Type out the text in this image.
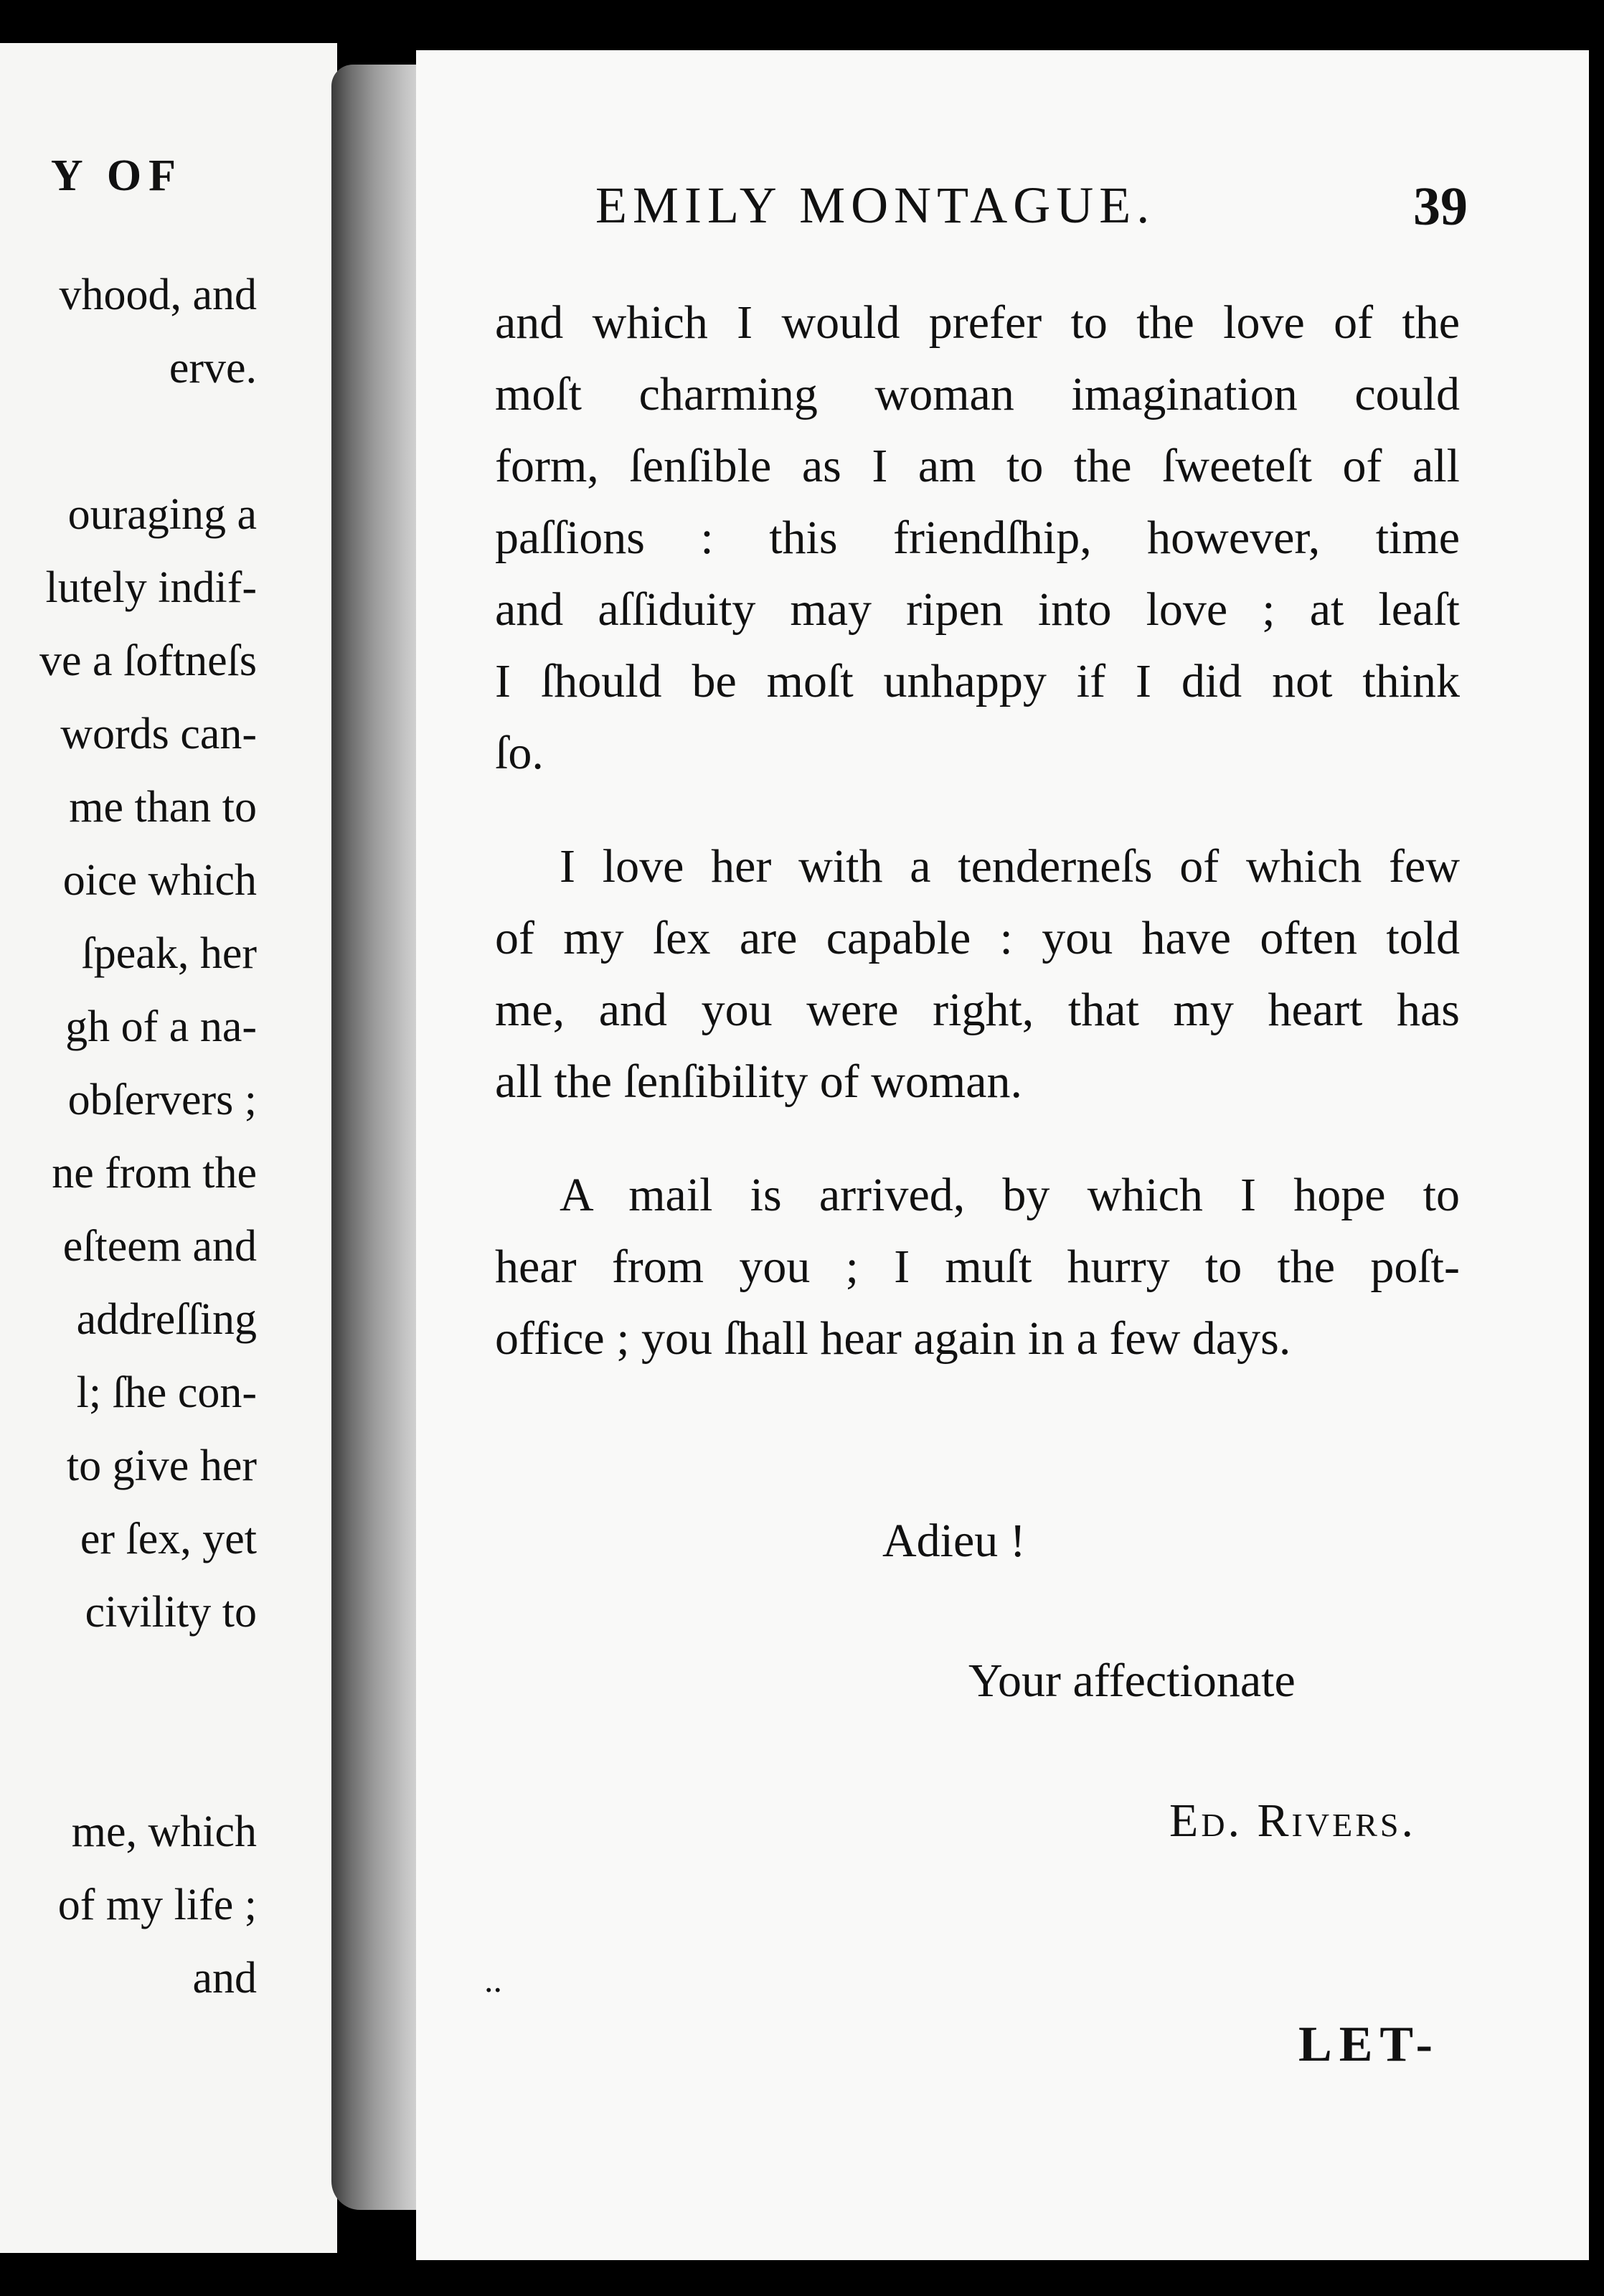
Y OF
vhood, and
erve.
ouraging a
lutely indif-
ve a ſoftneſs
words can-
me than to
oice which
ſpeak, her
gh of a na-
obſervers ;
ne from the
eſteem and
addreſſing
l; ſhe con-
to give her
er ſex, yet
civility to
me, which
of my life ;
and
EMILY MONTAGUE.	39
and which I would prefer to the love of the
moſt charming woman imagination could
form, ſenſible as I am to the ſweeteſt of all
paſſions : this friendſhip, however, time
and aſſiduity may ripen into love ; at leaſt
I ſhould be moſt unhappy if I did not think
ſo.
I love her with a tenderneſs of which few
of my ſex are capable : you have often told
me, and you were right, that my heart has
all the ſenſibility of woman.
A mail is arrived, by which I hope to
hear from you ; I muſt hurry to the poſt-
office ; you ſhall hear again in a few days.
Adieu !
Your affectionate
Ed. Rivers.
..
LET-
